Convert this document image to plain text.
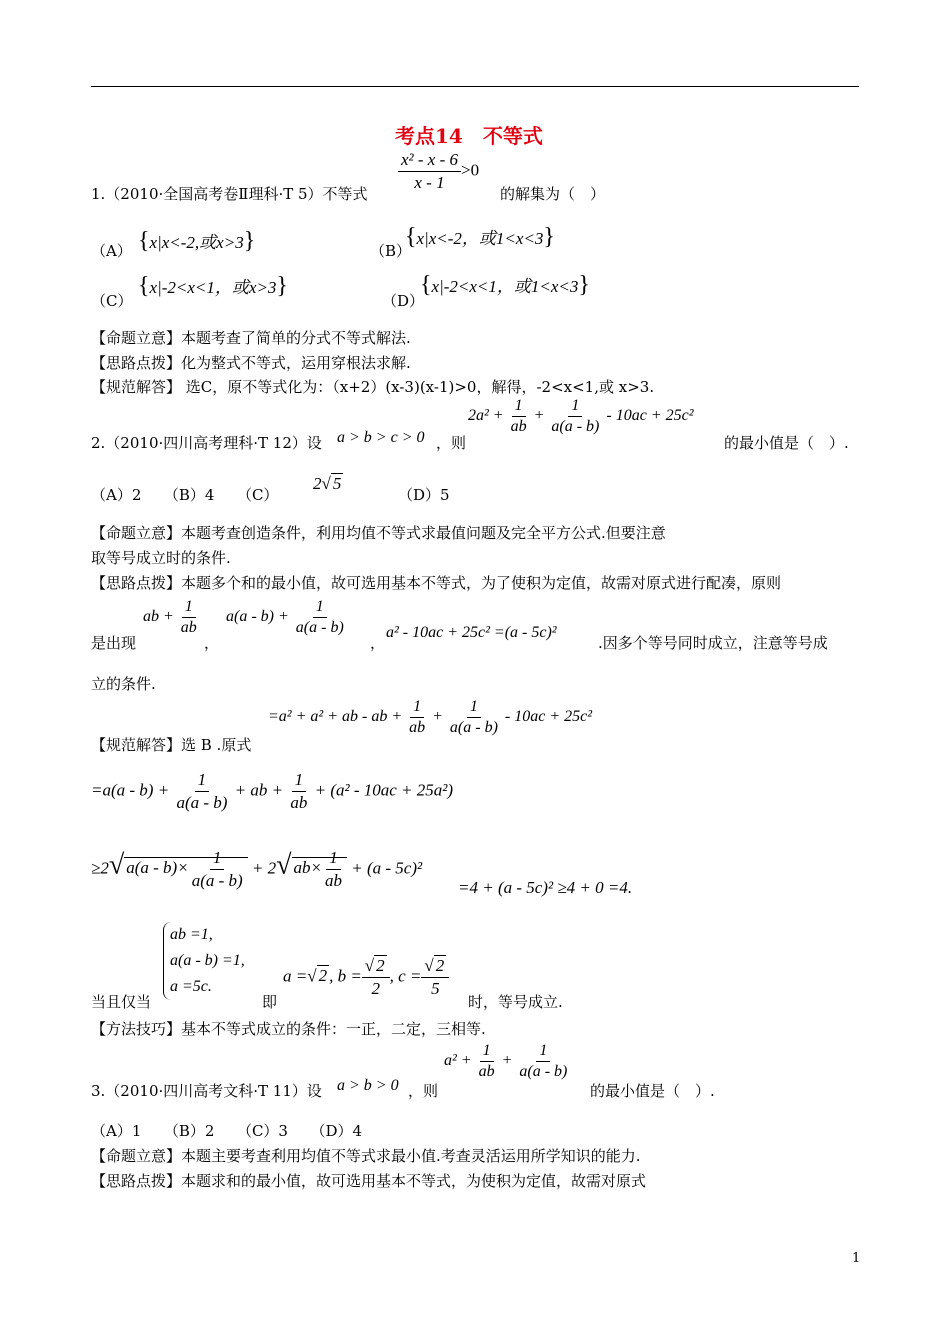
考点14　不等式
$\frac{\text{x² - x - 6}}{x - 1} >0$
1.（2010·全国高考卷Ⅱ理科·T 5）不等式	的解集为（　）
（A） {x|x<-2,或x>3}	（B）
{x|x<-2，或1<x<3}
（C）
{x|-2<x<1，或x>3}
（D）
{x|-2<x<1，或1<x<3}
【命题立意】本题考查了简单的分式不等式解法.
【思路点拨】化为整式不等式，运用穿根法求解.
【规范解答】 选C，原不等式化为：（x+2）(x-3)(x-1)>0，解得，-2<x<1,或 x>3.
2.（2010·四川高考理科·T 12）设 a > b > c > 0 ，则
$2a^2 + \frac{1}{ab} + \frac{1}{a(a - b)} - 10ac + 25c^2$
的最小值是（　）.
（A）2　　（B）4　　（C）
2√ 5
（D）5
【命题立意】本题考查创造条件，利用均值不等式求最值问题及完全平方公式.但要注意
取等号成立时的条件.
【思路点拨】本题多个和的最小值，故可选用基本不等式，为了使积为定值，故需对原式进行配凑，原则
是出现
ab + $\frac{1}{ab}$
，
$a(a - b) + \frac{1}{a(a - b)}$
，
a² - 10ac + 25c² =(a - 5c)²
.因多个等号同时成立，注意等号成
立的条件.
=a² + a² + ab - ab + $\frac{1}{ab} + \frac{1}{a(a - b)} - 10ac + 25c^2$
【规范解答】选 B .原式
$=a(a - b) + \frac{1}{a(a - b)}$ + ab + $\frac{1}{ab} + (a^2 - 10ac + 25a^2)$
≥2√ $a(a - b)\times \frac{1}{a(a - b)} + 2√$ $ab\times \frac{1}{ab} + (a - 5c)^2$
=4 + (a - 5c)² ≥4 + 0 =4.
当且仅当
ab =1,
a(a - b) =1,
a =5c.
即
a =√ 2 , $b = \frac{√ 2}{2}$ , $c = \frac{√ 2}{5}$
时，等号成立.
【方法技巧】基本不等式成立的条件：一正，二定，三相等.
3.（2010·四川高考文科·T 11）设 a > b > 0 ，则
$a^2 + \frac{1}{ab} + \frac{1}{a(a - b)}$
的最小值是（　）.
（A）1　　（B）2　　（C）3　　（D）4
【命题立意】本题主要考查利用均值不等式求最小值.考查灵活运用所学知识的能力.
【思路点拨】本题求和的最小值，故可选用基本不等式，为使积为定值，故需对原式
1
